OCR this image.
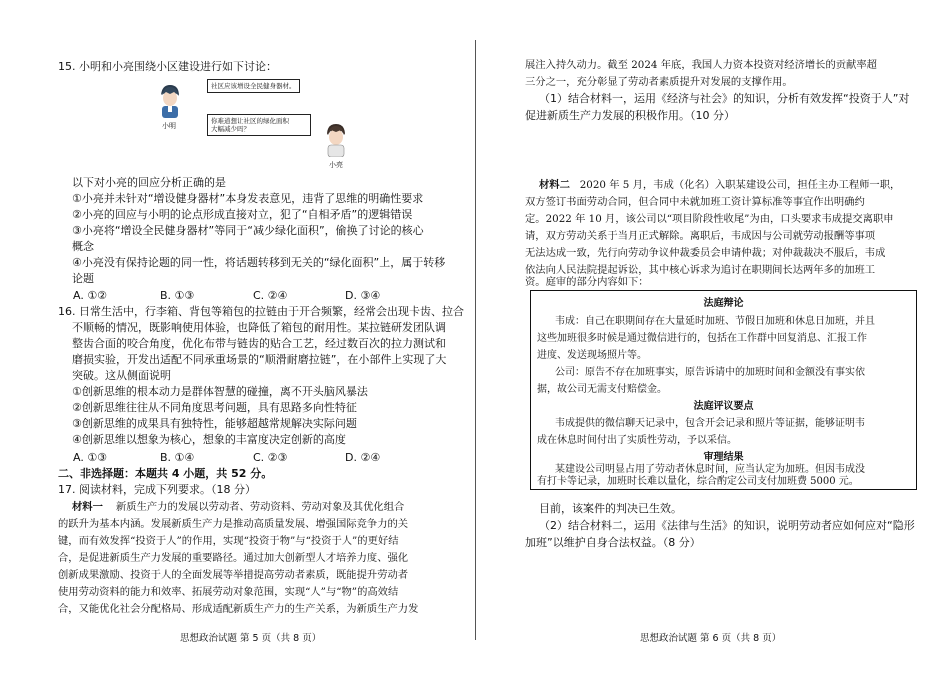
15. 小明和小亮围绕小区建设进行如下讨论：
小明
社区应该增设全民健身器材。
你难道想让社区的绿化面积
大幅减少吗？
小亮
以下对小亮的回应分析正确的是
①小亮并未针对“增设健身器材”本身发表意见，违背了思维的明确性要求
②小亮的回应与小明的论点形成直接对立，犯了“自相矛盾”的逻辑错误
③小亮将“增设全民健身器材”等同于“减少绿化面积”，偷换了讨论的核心
概念
④小亮没有保持论题的同一性，将话题转移到无关的“绿化面积”上，属于转移
论题
A. ①②	B. ①③	C. ②④	D. ③④
16. 日常生活中，行李箱、背包等箱包的拉链由于开合频繁，经常会出现卡齿、拉合
不顺畅的情况，既影响使用体验，也降低了箱包的耐用性。某拉链研发团队调
整齿合面的咬合角度，优化布带与链齿的贴合工艺，经过数百次的拉力测试和
磨损实验，开发出适配不同承重场景的“顺滑耐磨拉链”，在小部件上实现了大
突破。这从侧面说明
①创新思维的根本动力是群体智慧的碰撞，离不开头脑风暴法
②创新思维往往从不同角度思考问题，具有思路多向性特征
③创新思维的成果具有独特性，能够超越常规解决实际问题
④创新思维以想象为核心，想象的丰富度决定创新的高度
A. ①③	B. ①④	C. ②③	D. ②④
二、非选择题：本题共 4 小题，共 52 分。
17. 阅读材料，完成下列要求。（18 分）
材料一 新质生产力的发展以劳动者、劳动资料、劳动对象及其优化组合
的跃升为基本内涵。发展新质生产力是推动高质量发展、增强国际竞争力的关
键，而有效发挥“投资于人”的作用，实现“投资于物”与“投资于人”的更好结
合，是促进新质生产力发展的重要路径。通过加大创新型人才培养力度、强化
创新成果激励、投资于人的全面发展等举措提高劳动者素质，既能提升劳动者
使用劳动资料的能力和效率、拓展劳动对象范围，实现“人”与“物”的高效结
合，又能优化社会分配格局、形成适配新质生产力的生产关系，为新质生产力发
思想政治试题 第 5 页（共 8 页）
展注入持久动力。截至 2024 年底，我国人力资本投资对经济增长的贡献率超
三分之一，充分彰显了劳动者素质提升对发展的支撑作用。
（1）结合材料一，运用《经济与社会》的知识，分析有效发挥“投资于人”对
促进新质生产力发展的积极作用。（10 分）
材料二 2020 年 5 月，韦成（化名）入职某建设公司，担任主办工程师一职，
双方签订书面劳动合同，但合同中未就加班工资计算标准等事宜作出明确约
定。2022 年 10 月，该公司以“项目阶段性收尾”为由，口头要求韦成提交离职申
请，双方劳动关系于当月正式解除。离职后，韦成因与公司就劳动报酬等事项
无法达成一致，先行向劳动争议仲裁委员会申请仲裁；对仲裁裁决不服后，韦成
依法向人民法院提起诉讼，其中核心诉求为追讨在职期间长达两年多的加班工
资。庭审的部分内容如下：
法庭辩论
韦成：自己在职期间存在大量延时加班、节假日加班和休息日加班，并且
这些加班很多时候是通过微信进行的，包括在工作群中回复消息、汇报工作
进度、发送现场照片等。
公司：原告不存在加班事实，原告诉请中的加班时间和金额没有事实依
据，故公司无需支付赔偿金。
法庭评议要点
韦成提供的微信聊天记录中，包含开会记录和照片等证据，能够证明韦
成在休息时间付出了实质性劳动，予以采信。
审理结果
某建设公司明显占用了劳动者休息时间，应当认定为加班。但因韦成没
有打卡等记录，加班时长难以量化，综合酌定公司支付加班费 5000 元。
目前，该案件的判决已生效。
（2）结合材料二，运用《法律与生活》的知识，说明劳动者应如何应对“隐形
加班”以维护自身合法权益。（8 分）
思想政治试题 第 6 页（共 8 页）
